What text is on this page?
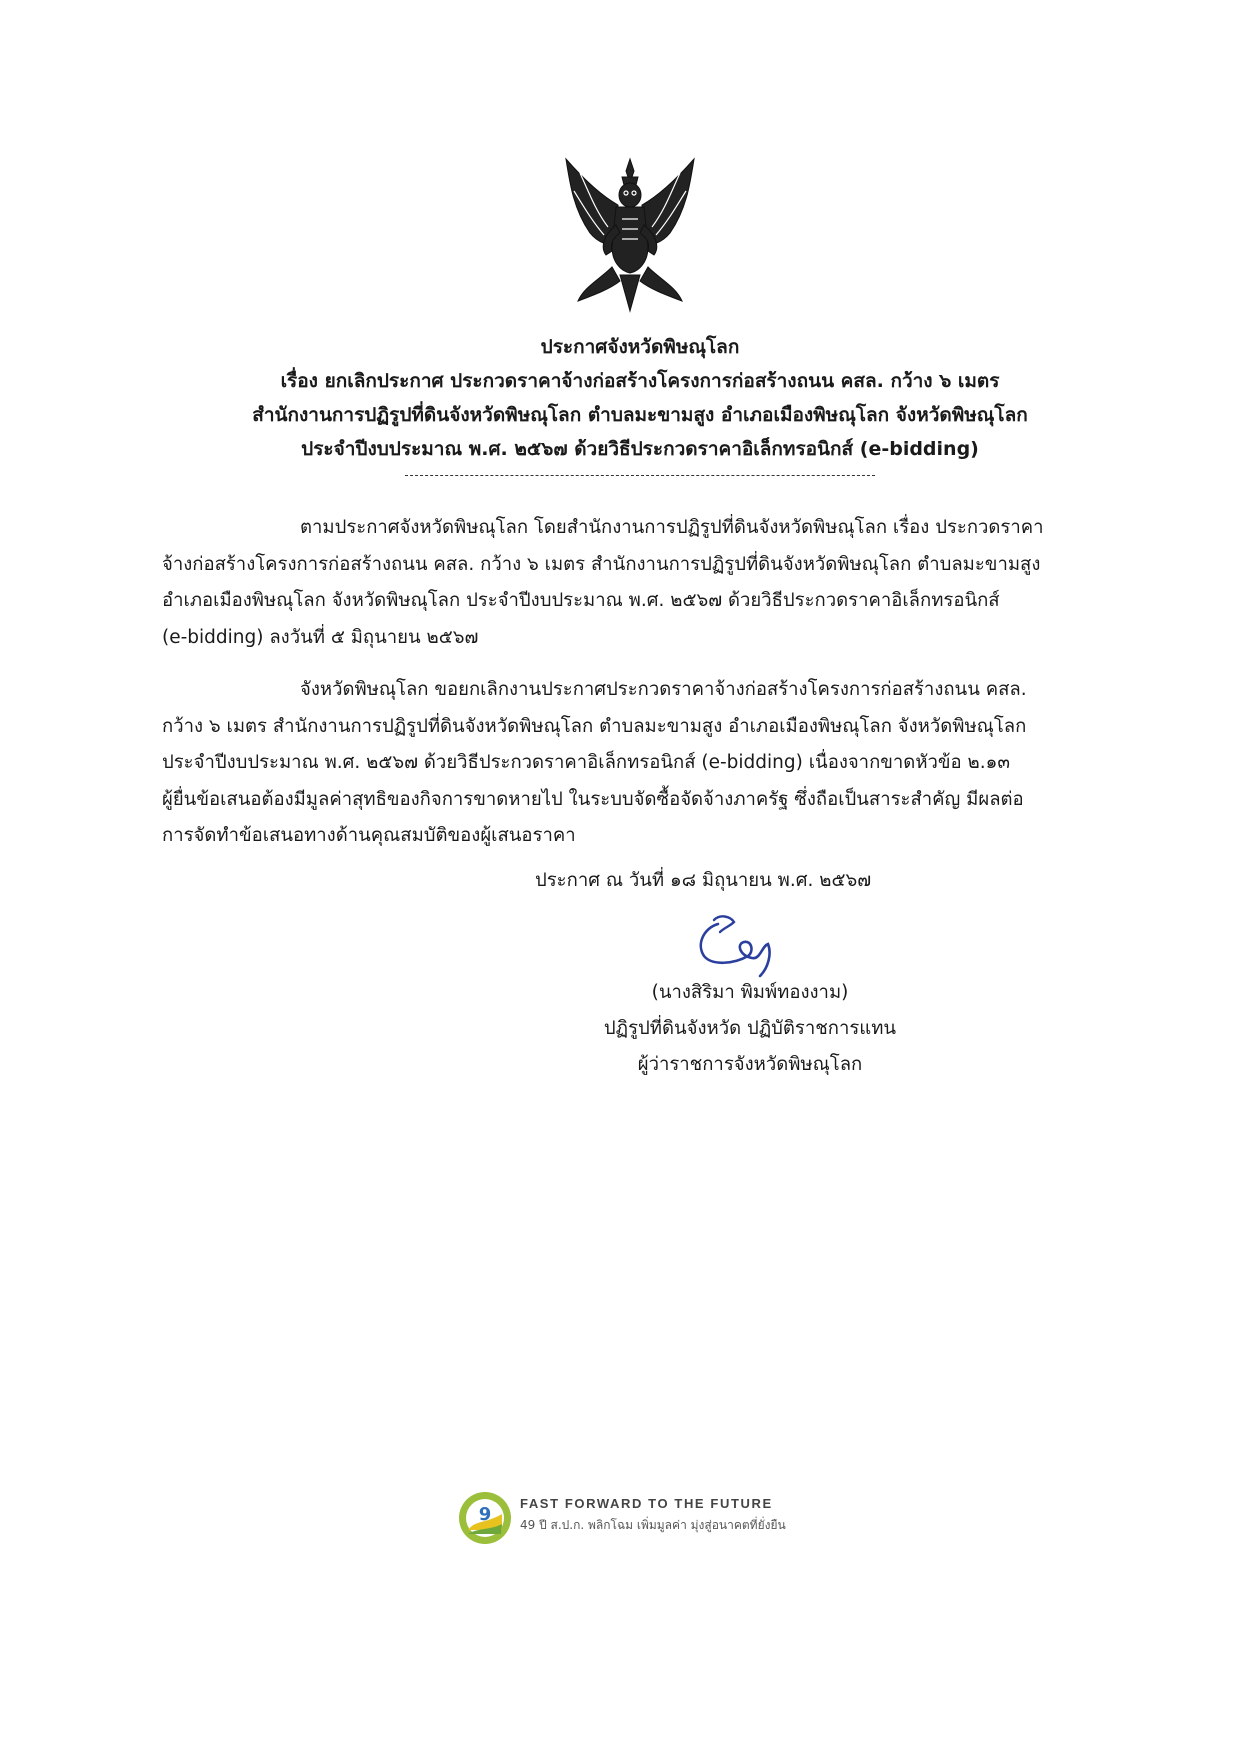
ประกาศจังหวัดพิษณุโลก
เรื่อง ยกเลิกประกาศ ประกวดราคาจ้างก่อสร้างโครงการก่อสร้างถนน คสล. กว้าง ๖ เมตร
สำนักงานการปฏิรูปที่ดินจังหวัดพิษณุโลก ตำบลมะขามสูง อำเภอเมืองพิษณุโลก จังหวัดพิษณุโลก
ประจำปีงบประมาณ พ.ศ. ๒๕๖๗ ด้วยวิธีประกวดราคาอิเล็กทรอนิกส์ (e-bidding)
ตามประกาศจังหวัดพิษณุโลก โดยสำนักงานการปฏิรูปที่ดินจังหวัดพิษณุโลก เรื่อง ประกวดราคา
จ้างก่อสร้างโครงการก่อสร้างถนน คสล. กว้าง ๖ เมตร สำนักงานการปฏิรูปที่ดินจังหวัดพิษณุโลก ตำบลมะขามสูง
อำเภอเมืองพิษณุโลก จังหวัดพิษณุโลก ประจำปีงบประมาณ พ.ศ. ๒๕๖๗ ด้วยวิธีประกวดราคาอิเล็กทรอนิกส์
(e-bidding) ลงวันที่ ๕ มิถุนายน ๒๕๖๗
จังหวัดพิษณุโลก ขอยกเลิกงานประกาศประกวดราคาจ้างก่อสร้างโครงการก่อสร้างถนน คสล.
กว้าง ๖ เมตร สำนักงานการปฏิรูปที่ดินจังหวัดพิษณุโลก ตำบลมะขามสูง อำเภอเมืองพิษณุโลก จังหวัดพิษณุโลก
ประจำปีงบประมาณ พ.ศ. ๒๕๖๗ ด้วยวิธีประกวดราคาอิเล็กทรอนิกส์ (e-bidding) เนื่องจากขาดหัวข้อ ๒.๑๓
ผู้ยื่นข้อเสนอต้องมีมูลค่าสุทธิของกิจการขาดหายไป ในระบบจัดซื้อจัดจ้างภาครัฐ ซึ่งถือเป็นสาระสำคัญ มีผลต่อ
การจัดทำข้อเสนอทางด้านคุณสมบัติของผู้เสนอราคา
ประกาศ ณ วันที่ ๑๘ มิถุนายน พ.ศ. ๒๕๖๗
(นางสิริมา พิมพ์ทองงาม)
ปฏิรูปที่ดินจังหวัด ปฏิบัติราชการแทน
ผู้ว่าราชการจังหวัดพิษณุโลก
9
FAST FORWARD TO THE FUTURE
49 ปี ส.ป.ก. พลิกโฉม เพิ่มมูลค่า มุ่งสู่อนาคตที่ยั่งยืน
